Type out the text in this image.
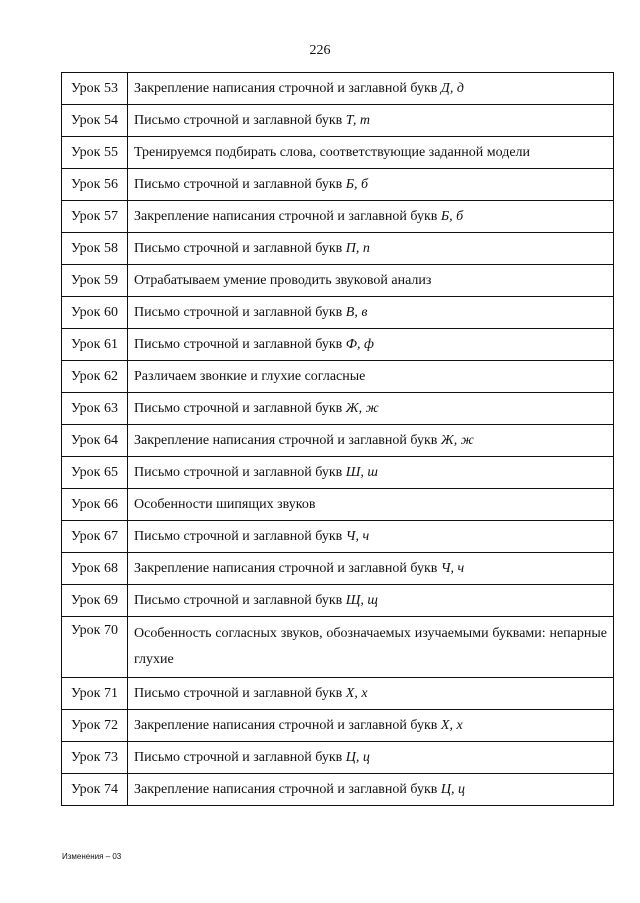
226
Урок 53	Закрепление написания строчной и заглавной букв Д, д
Урок 54	Письмо строчной и заглавной букв Т, т
Урок 55	Тренируемся подбирать слова, соответствующие заданной модели
Урок 56	Письмо строчной и заглавной букв Б, б
Урок 57	Закрепление написания строчной и заглавной букв Б, б
Урок 58	Письмо строчной и заглавной букв П, п
Урок 59	Отрабатываем умение проводить звуковой анализ
Урок 60	Письмо строчной и заглавной букв В, в
Урок 61	Письмо строчной и заглавной букв Ф, ф
Урок 62	Различаем звонкие и глухие согласные
Урок 63	Письмо строчной и заглавной букв Ж, ж
Урок 64	Закрепление написания строчной и заглавной букв Ж, ж
Урок 65	Письмо строчной и заглавной букв Ш, ш
Урок 66	Особенности шипящих звуков
Урок 67	Письмо строчной и заглавной букв Ч, ч
Урок 68	Закрепление написания строчной и заглавной букв Ч, ч
Урок 69	Письмо строчной и заглавной букв Щ, щ
Урок 70	Особенность согласных звуков, обозначаемых изучаемыми буквами: непарные глухие
Урок 71	Письмо строчной и заглавной букв Х, х
Урок 72	Закрепление написания строчной и заглавной букв Х, х
Урок 73	Письмо строчной и заглавной букв Ц, ц
Урок 74	Закрепление написания строчной и заглавной букв Ц, ц
Изменения – 03
